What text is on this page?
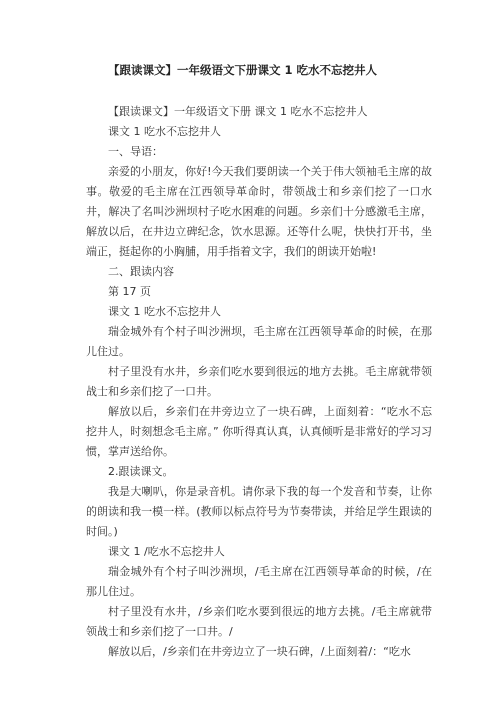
【跟读课文】一年级语文下册课文 1 吃水不忘挖井人

【跟读课文】一年级语文下册 课文 1 吃水不忘挖井人

课文 1 吃水不忘挖井人

一、导语：

亲爱的小朋友，你好!今天我们要朗读一个关于伟大领袖毛主席的故事。敬爱的毛主席在江西领导革命时，带领战士和乡亲们挖了一口水井，解决了名叫沙洲坝村子吃水困难的问题。乡亲们十分感激毛主席，解放以后，在井边立碑纪念，饮水思源。还等什么呢，快快打开书，坐端正，挺起你的小胸脯，用手指着文字，我们的朗读开始啦!

二、跟读内容

第 17 页

课文 1 吃水不忘挖井人

瑞金城外有个村子叫沙洲坝，毛主席在江西领导革命的时候，在那儿住过。

村子里没有水井，乡亲们吃水要到很远的地方去挑。毛主席就带领战士和乡亲们挖了一口井。

解放以后，乡亲们在井旁边立了一块石碑，上面刻着：“吃水不忘挖井人，时刻想念毛主席。” 你听得真认真，认真倾听是非常好的学习习惯，掌声送给你。

2.跟读课文。

我是大喇叭，你是录音机。请你录下我的每一个发音和节奏，让你的朗读和我一模一样。(教师以标点符号为节奏带读，并给足学生跟读的时间。)

课文 1 /吃水不忘挖井人

瑞金城外有个村子叫沙洲坝，/毛主席在江西领导革命的时候，/在那儿住过。

村子里没有水井，/乡亲们吃水要到很远的地方去挑。/毛主席就带领战士和乡亲们挖了一口井。/

解放以后，/乡亲们在井旁边立了一块石碑，/上面刻着/：“吃水
